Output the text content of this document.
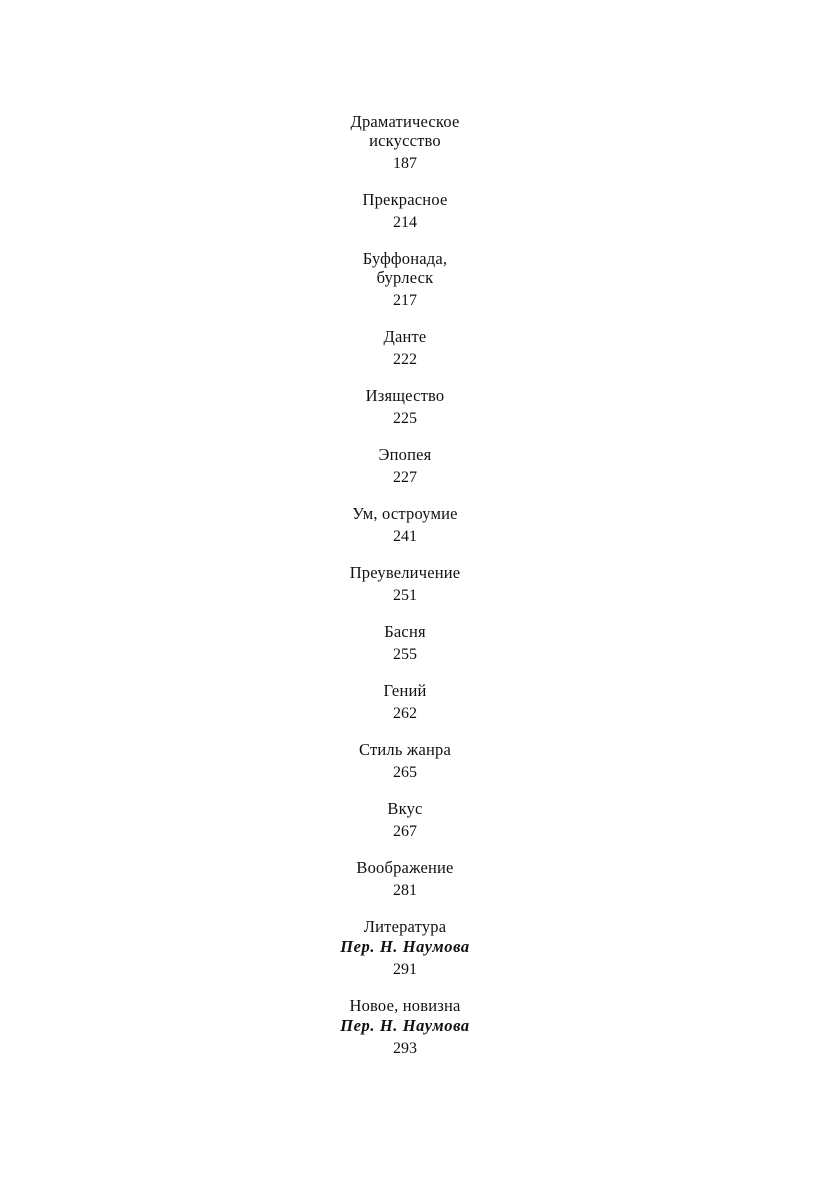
Драматическое
искусство
187
Прекрасное
214
Буффонада,
бурлеск
217
Данте
222
Изящество
225
Эпопея
227
Ум, остроумие
241
Преувеличение
251
Басня
255
Гений
262
Стиль жанра
265
Вкус
267
Воображение
281
Литература
Пер. Н. Наумова
291
Новое, новизна
Пер. Н. Наумова
293
